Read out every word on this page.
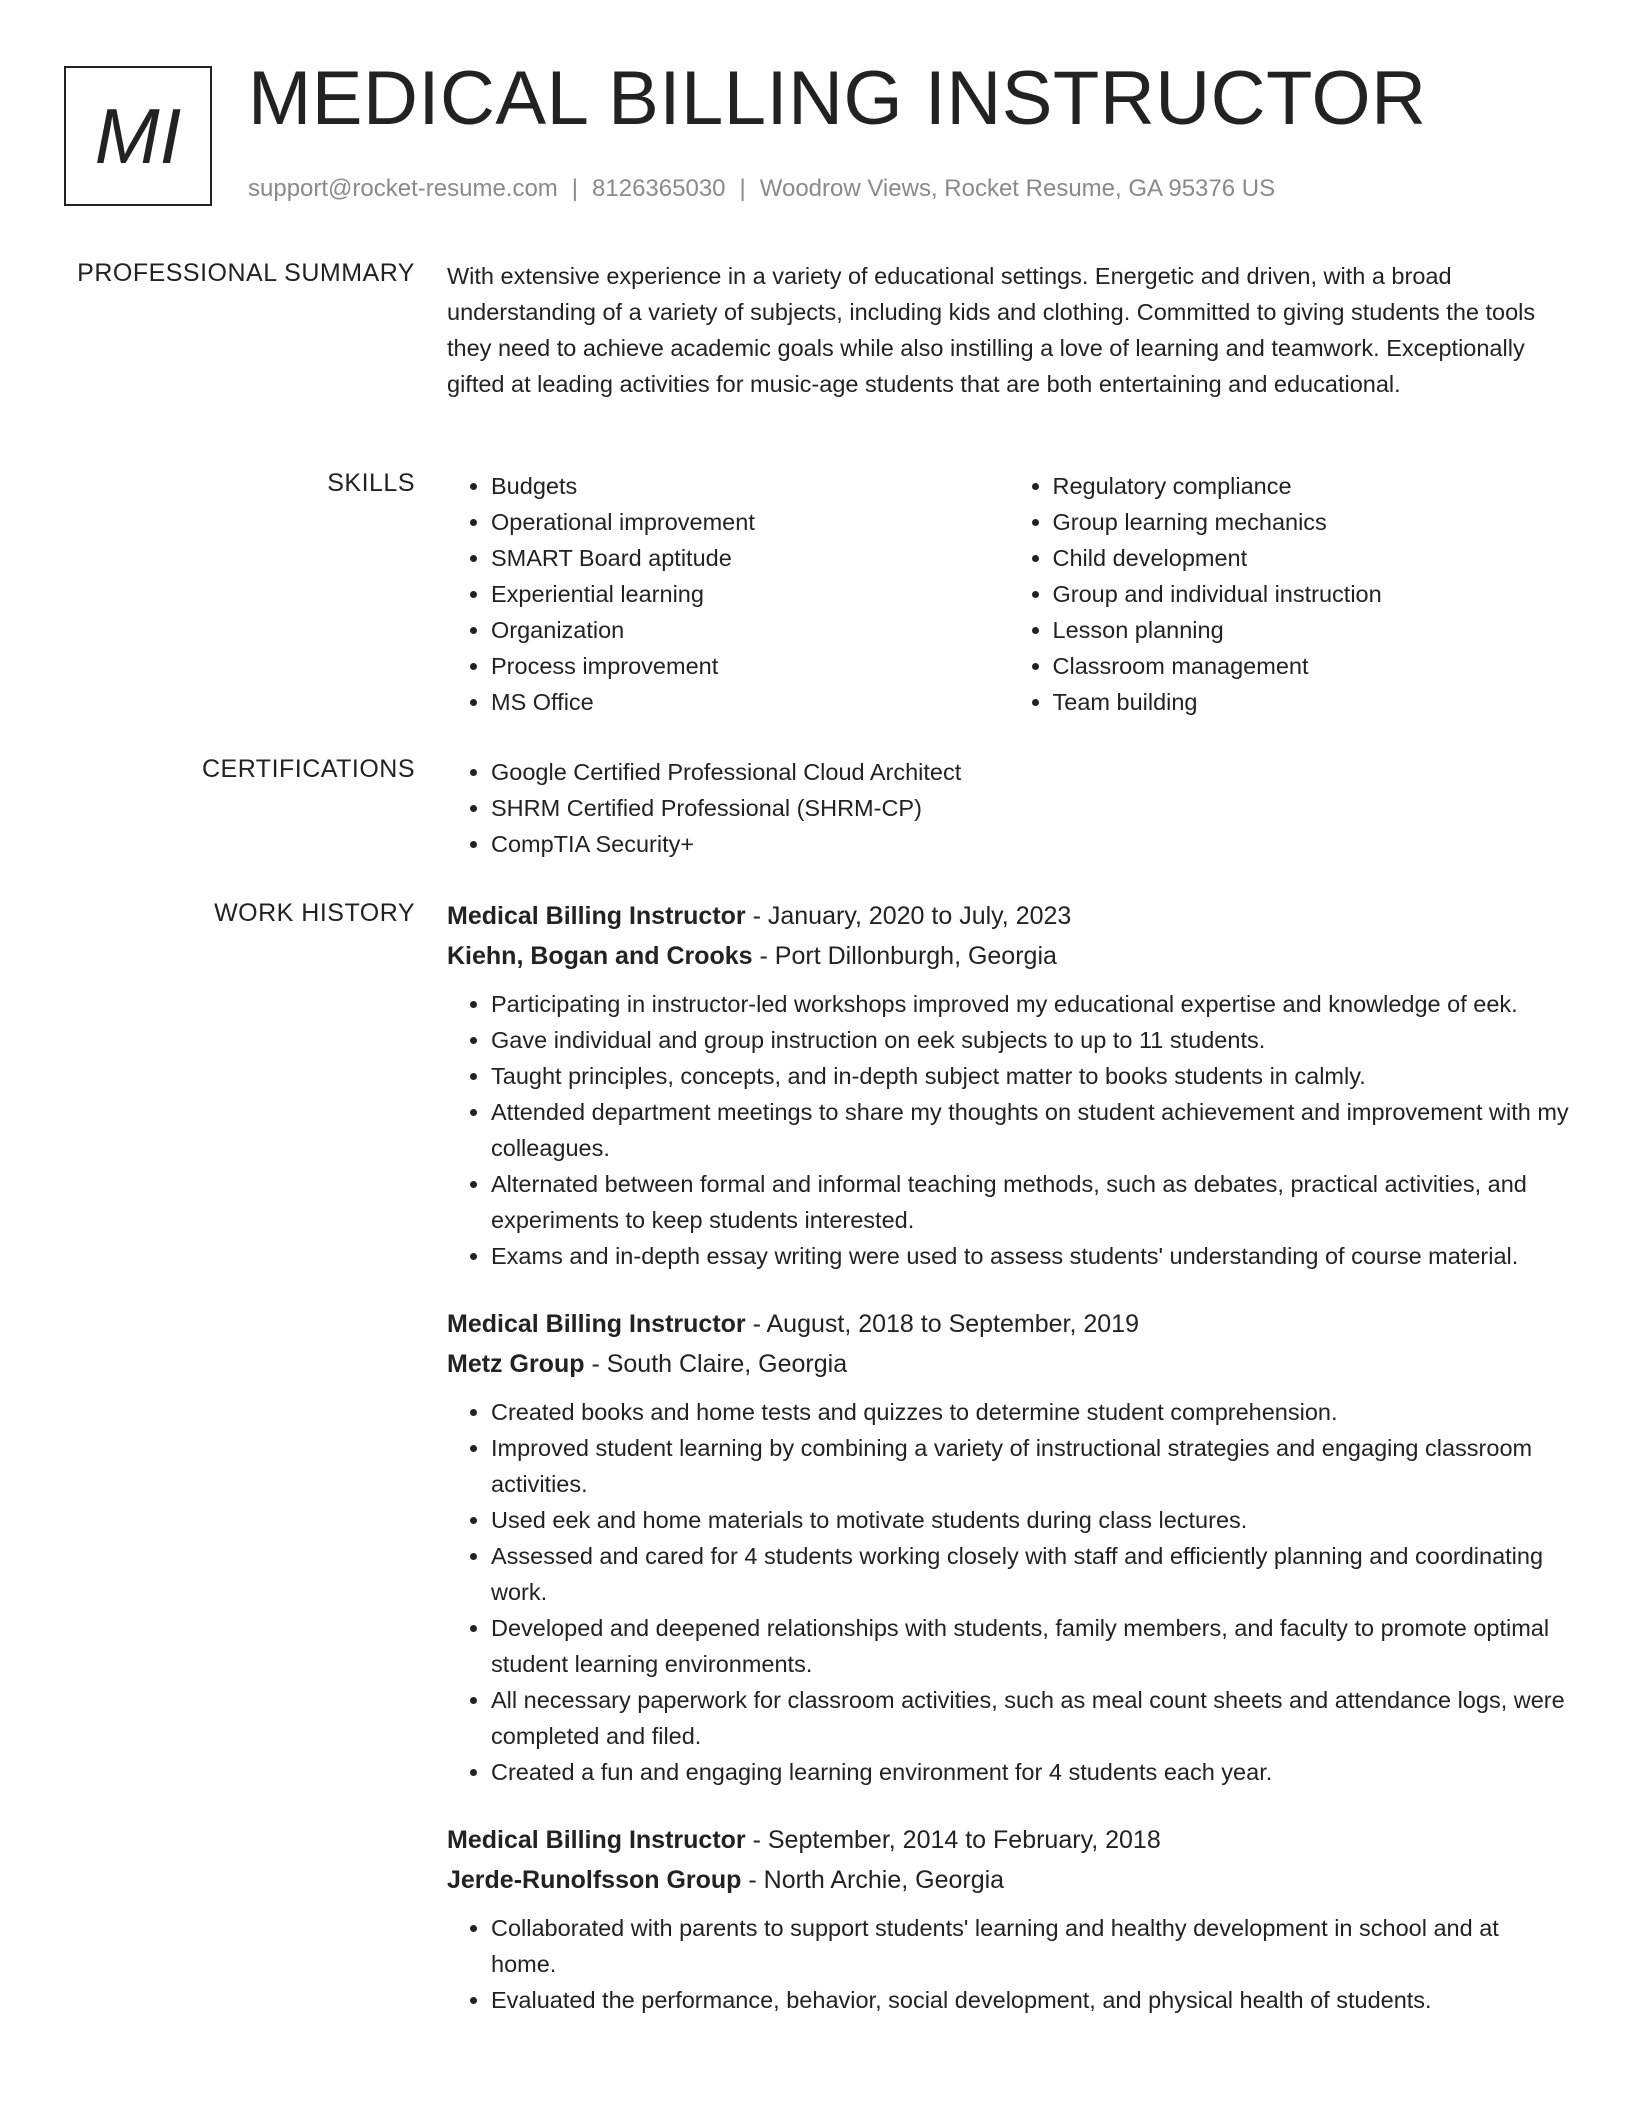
MI MEDICAL BILLING INSTRUCTOR
support@rocket-resume.com | 8126365030 | Woodrow Views, Rocket Resume, GA 95376 US
PROFESSIONAL SUMMARY With extensive experience in a variety of educational settings. Energetic and driven, with a broad understanding of a variety of subjects, including kids and clothing. Committed to giving students the tools they need to achieve academic goals while also instilling a love of learning and teamwork. Exceptionally gifted at leading activities for music-age students that are both entertaining and educational.

SKILLS	• Budgets
• Operational improvement
• SMART Board aptitude
• Experiential learning
• Organization
• Process improvement
• MS Office
• Regulatory compliance
• Group learning mechanics
• Child development
• Group and individual instruction
• Lesson planning
• Classroom management
• Team building
CERTIFICATIONS	• Google Certified Professional Cloud Architect
• SHRM Certified Professional (SHRM-CP)
• CompTIA Security+
WORK HISTORY Medical Billing Instructor - January, 2020 to July, 2023
Kiehn, Bogan and Crooks - Port Dillonburgh, Georgia
• Participating in instructor-led workshops improved my educational expertise and knowledge of eek.
• Gave individual and group instruction on eek subjects to up to 11 students.
• Taught principles, concepts, and in-depth subject matter to books students in calmly.
• Attended department meetings to share my thoughts on student achievement and improvement with my colleagues.
• Alternated between formal and informal teaching methods, such as debates, practical activities, and experiments to keep students interested.
• Exams and in-depth essay writing were used to assess students' understanding of course material.
Medical Billing Instructor - August, 2018 to September, 2019
Metz Group - South Claire, Georgia
• Created books and home tests and quizzes to determine student comprehension.
• Improved student learning by combining a variety of instructional strategies and engaging classroom activities.
• Used eek and home materials to motivate students during class lectures.
• Assessed and cared for 4 students working closely with staff and efficiently planning and coordinating work.
• Developed and deepened relationships with students, family members, and faculty to promote optimal student learning environments.
• All necessary paperwork for classroom activities, such as meal count sheets and attendance logs, were completed and filed.
• Created a fun and engaging learning environment for 4 students each year.
Medical Billing Instructor - September, 2014 to February, 2018
Jerde-Runolfsson Group - North Archie, Georgia
• Collaborated with parents to support students' learning and healthy development in school and at home.
• Evaluated the performance, behavior, social development, and physical health of students.
